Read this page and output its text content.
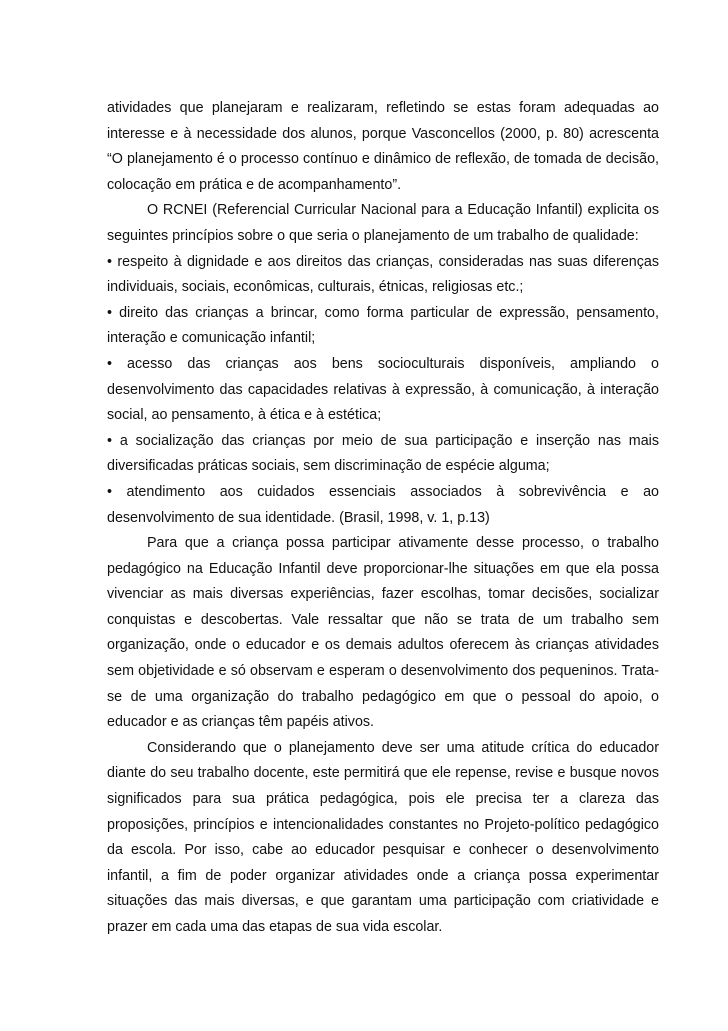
atividades que planejaram e realizaram, refletindo se estas foram adequadas ao interesse e à necessidade dos alunos, porque Vasconcellos (2000, p. 80) acrescenta “O planejamento é o processo contínuo e dinâmico de reflexão, de tomada de decisão, colocação em prática e de acompanhamento”.

O RCNEI (Referencial Curricular Nacional para a Educação Infantil) explicita os seguintes princípios sobre o que seria o planejamento de um trabalho de qualidade:

• respeito à dignidade e aos direitos das crianças, consideradas nas suas diferenças individuais, sociais, econômicas, culturais, étnicas, religiosas etc.;

• direito das crianças a brincar, como forma particular de expressão, pensamento, interação e comunicação infantil;

• acesso das crianças aos bens socioculturais disponíveis, ampliando o desenvolvimento das capacidades relativas à expressão, à comunicação, à interação social, ao pensamento, à ética e à estética;

• a socialização das crianças por meio de sua participação e inserção nas mais diversificadas práticas sociais, sem discriminação de espécie alguma;

• atendimento aos cuidados essenciais associados à sobrevivência e ao desenvolvimento de sua identidade. (Brasil, 1998, v. 1, p.13)

Para que a criança possa participar ativamente desse processo, o trabalho pedagógico na Educação Infantil deve proporcionar-lhe situações em que ela possa vivenciar as mais diversas experiências, fazer escolhas, tomar decisões, socializar conquistas e descobertas. Vale ressaltar que não se trata de um trabalho sem organização, onde o educador e os demais adultos oferecem às crianças atividades sem objetividade e só observam e esperam o desenvolvimento dos pequeninos. Trata-se de uma organização do trabalho pedagógico em que o pessoal do apoio, o educador e as crianças têm papéis ativos.

Considerando que o planejamento deve ser uma atitude crítica do educador diante do seu trabalho docente, este permitirá que ele repense, revise e busque novos significados para sua prática pedagógica, pois ele precisa ter a clareza das proposições, princípios e intencionalidades constantes no Projeto-político pedagógico da escola. Por isso, cabe ao educador pesquisar e conhecer o desenvolvimento infantil, a fim de poder organizar atividades onde a criança possa experimentar situações das mais diversas, e que garantam uma participação com criatividade e prazer em cada uma das etapas de sua vida escolar.
